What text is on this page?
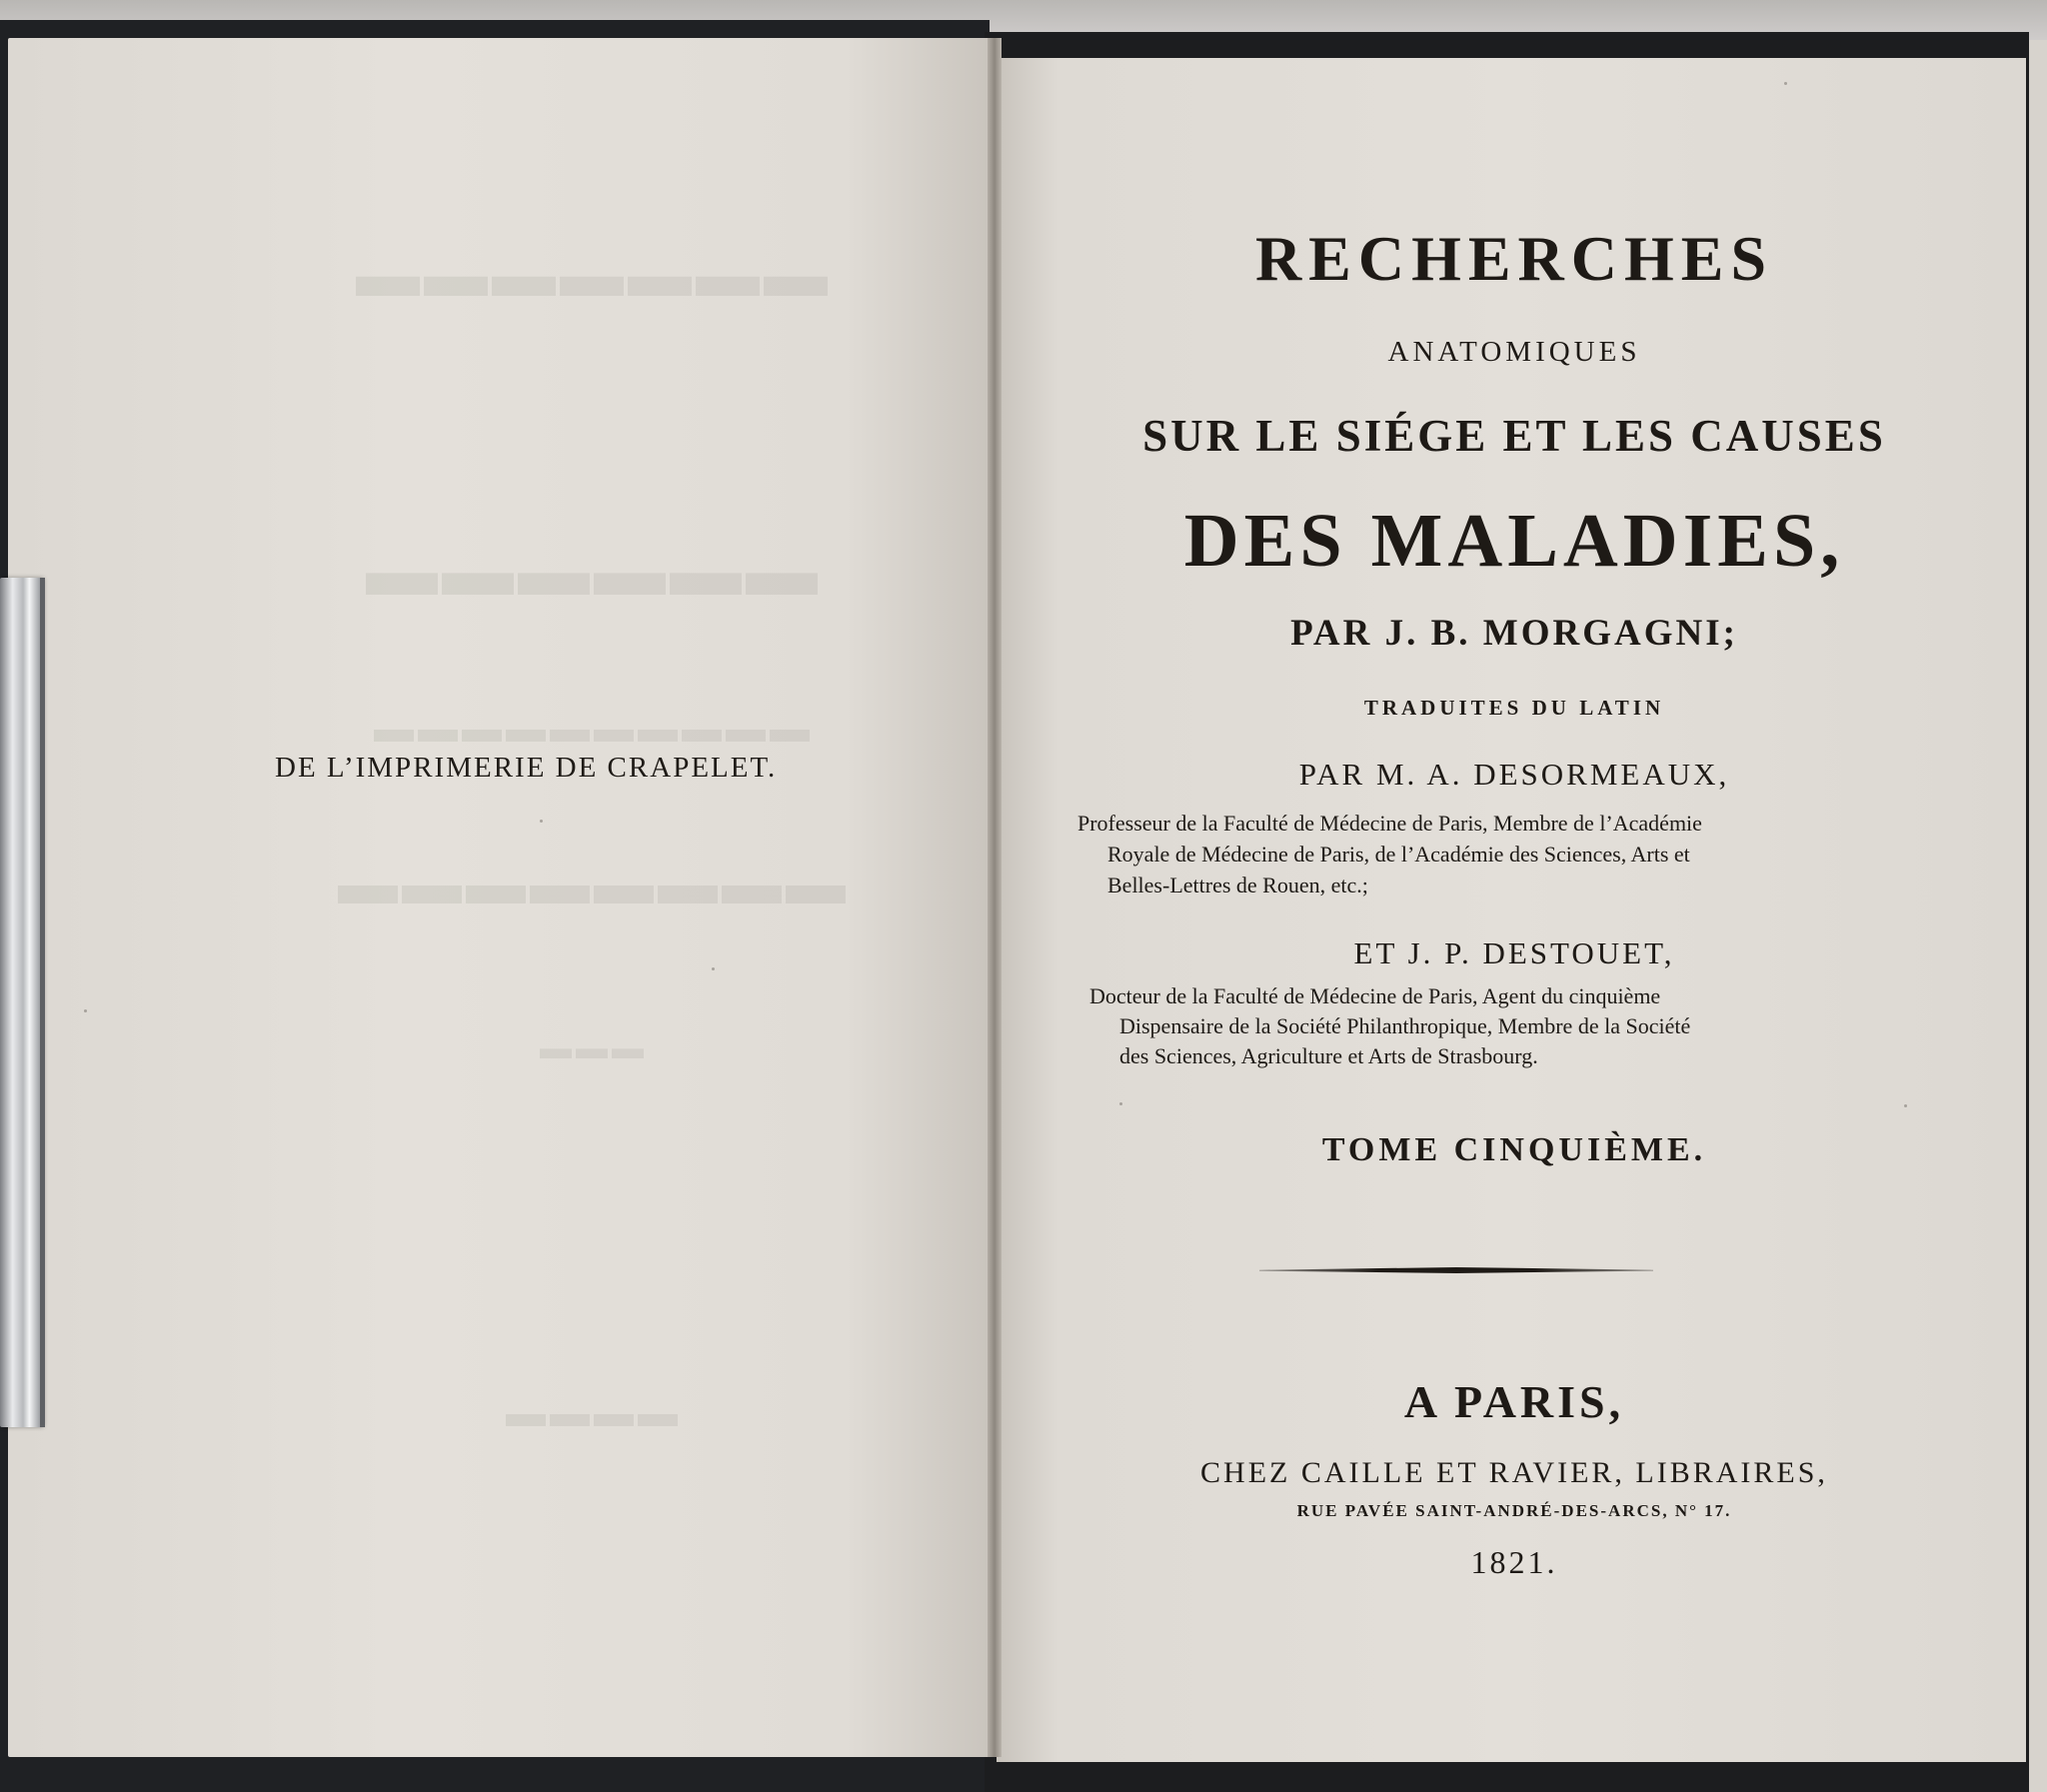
▬▬▬▬▬▬▬
▬▬▬▬▬▬
▬▬▬▬▬▬▬▬▬▬
▬▬▬▬▬▬▬▬
▬▬▬
▬▬▬▬
DE L’IMPRIMERIE DE CRAPELET.
RECHERCHES
ANATOMIQUES
SUR LE SIÉGE ET LES CAUSES
DES MALADIES,
PAR J. B. MORGAGNI;
TRADUITES DU LATIN
PAR M. A. DESORMEAUX,
Professeur de la Faculté de Médecine de Paris, Membre de l’Académie
Royale de Médecine de Paris, de l’Académie des Sciences, Arts et
Belles-Lettres de Rouen, etc.;
ET J. P. DESTOUET,
Docteur de la Faculté de Médecine de Paris, Agent du cinquième
Dispensaire de la Société Philanthropique, Membre de la Société
des Sciences, Agriculture et Arts de Strasbourg.
TOME CINQUIÈME.
A PARIS,
CHEZ CAILLE ET RAVIER, LIBRAIRES,
RUE PAVÉE SAINT-ANDRÉ-DES-ARCS, N° 17.
1821.
